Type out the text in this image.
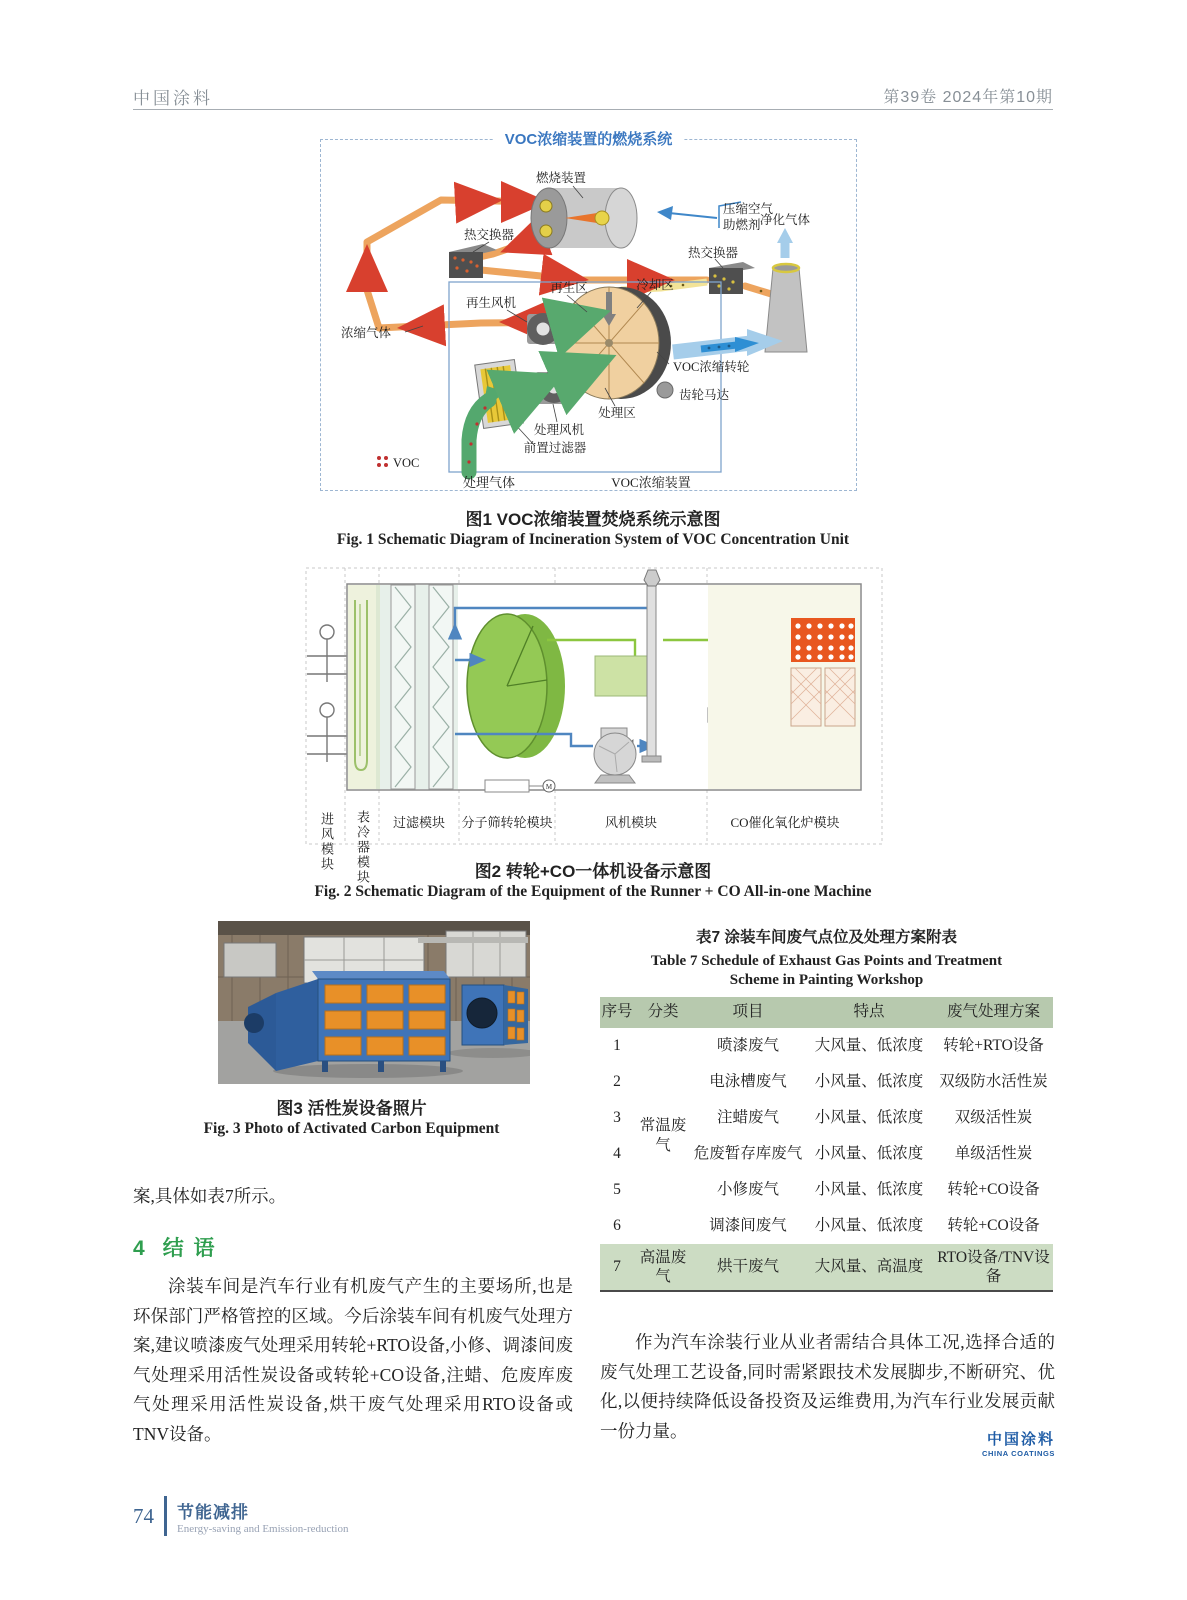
中国涂料	第39卷 2024年第10期
燃烧装置
热交换器
热交换器
压缩空气
助燃剂 净化气体
冷却区
再生区
再生风机
浓缩气体
VOC浓缩转轮
齿轮马达
处理区
处理风机
前置过滤器
VOC
处理气体	VOC浓缩装置
VOC浓缩装置的燃烧系统
图1 VOC浓缩装置焚烧系统示意图
Fig. 1 Schematic Diagram of Incineration System of VOC Concentration Unit
M
进风模块 表冷器模块	过滤模块	分子筛转轮模块	风机模块	CO催化氧化炉模块
图2 转轮+CO一体机设备示意图
Fig. 2 Schematic Diagram of the Equipment of the Runner + CO All-in-one Machine
图3 活性炭设备照片
Fig. 3 Photo of Activated Carbon Equipment
表7 涂装车间废气点位及处理方案附表
Table 7 Schedule of Exhaust Gas Points and Treatment
Scheme in Painting Workshop
序号	分类	项目	特点	废气处理方案
1	常温废气	喷漆废气	大风量、低浓度	转轮+RTO设备
2		电泳槽废气	小风量、低浓度	双级防水活性炭
3		注蜡废气	小风量、低浓度	双级活性炭
4		危废暂存库废气	小风量、低浓度	单级活性炭
5		小修废气	小风量、低浓度	转轮+CO设备
6		调漆间废气	小风量、低浓度	转轮+CO设备
7	高温废气	烘干废气	大风量、高温度	RTO设备/TNV设备
案,具体如表7所示。
4 结 语
涂装车间是汽车行业有机废气产生的主要场所,也是环保部门严格管控的区域。今后涂装车间有机废气处理方案,建议喷漆废气处理采用转轮+RTO设备,小修、调漆间废气处理采用活性炭设备或转轮+CO设备,注蜡、危废库废气处理采用活性炭设备,烘干废气处理采用RTO设备或TNV设备。
作为汽车涂装行业从业者需结合具体工况,选择合适的废气处理工艺设备,同时需紧跟技术发展脚步,不断研究、优化,以便持续降低设备投资及运维费用,为汽车行业发展贡献一份力量。	中国涂料
CHINA COATINGS
74 节能减排
Energy-saving and Emission-reduction
